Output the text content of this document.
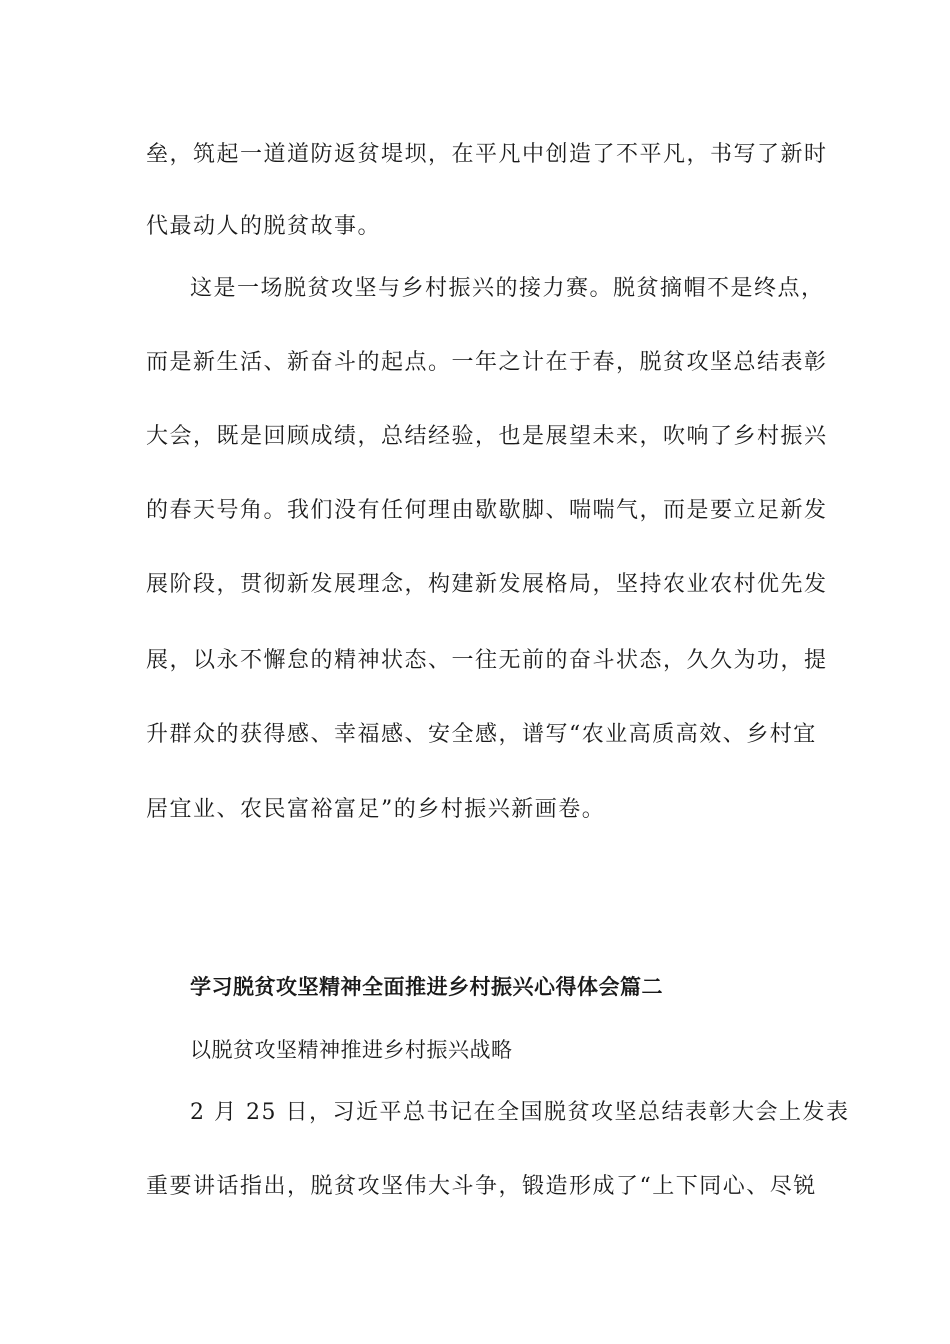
垒，筑起一道道防返贫堤坝，在平凡中创造了不平凡，书写了新时
代最动人的脱贫故事。
这是一场脱贫攻坚与乡村振兴的接力赛。脱贫摘帽不是终点，
而是新生活、新奋斗的起点。一年之计在于春，脱贫攻坚总结表彰
大会，既是回顾成绩，总结经验，也是展望未来，吹响了乡村振兴
的春天号角。我们没有任何理由歇歇脚、喘喘气，而是要立足新发
展阶段，贯彻新发展理念，构建新发展格局，坚持农业农村优先发
展，以永不懈怠的精神状态、一往无前的奋斗状态，久久为功，提
升群众的获得感、幸福感、安全感，谱写“农业高质高效、乡村宜
居宜业、农民富裕富足”的乡村振兴新画卷。
学习脱贫攻坚精神全面推进乡村振兴心得体会篇二
以脱贫攻坚精神推进乡村振兴战略
2 月 25 日，习近平总书记在全国脱贫攻坚总结表彰大会上发表
重要讲话指出，脱贫攻坚伟大斗争，锻造形成了“上下同心、尽锐
